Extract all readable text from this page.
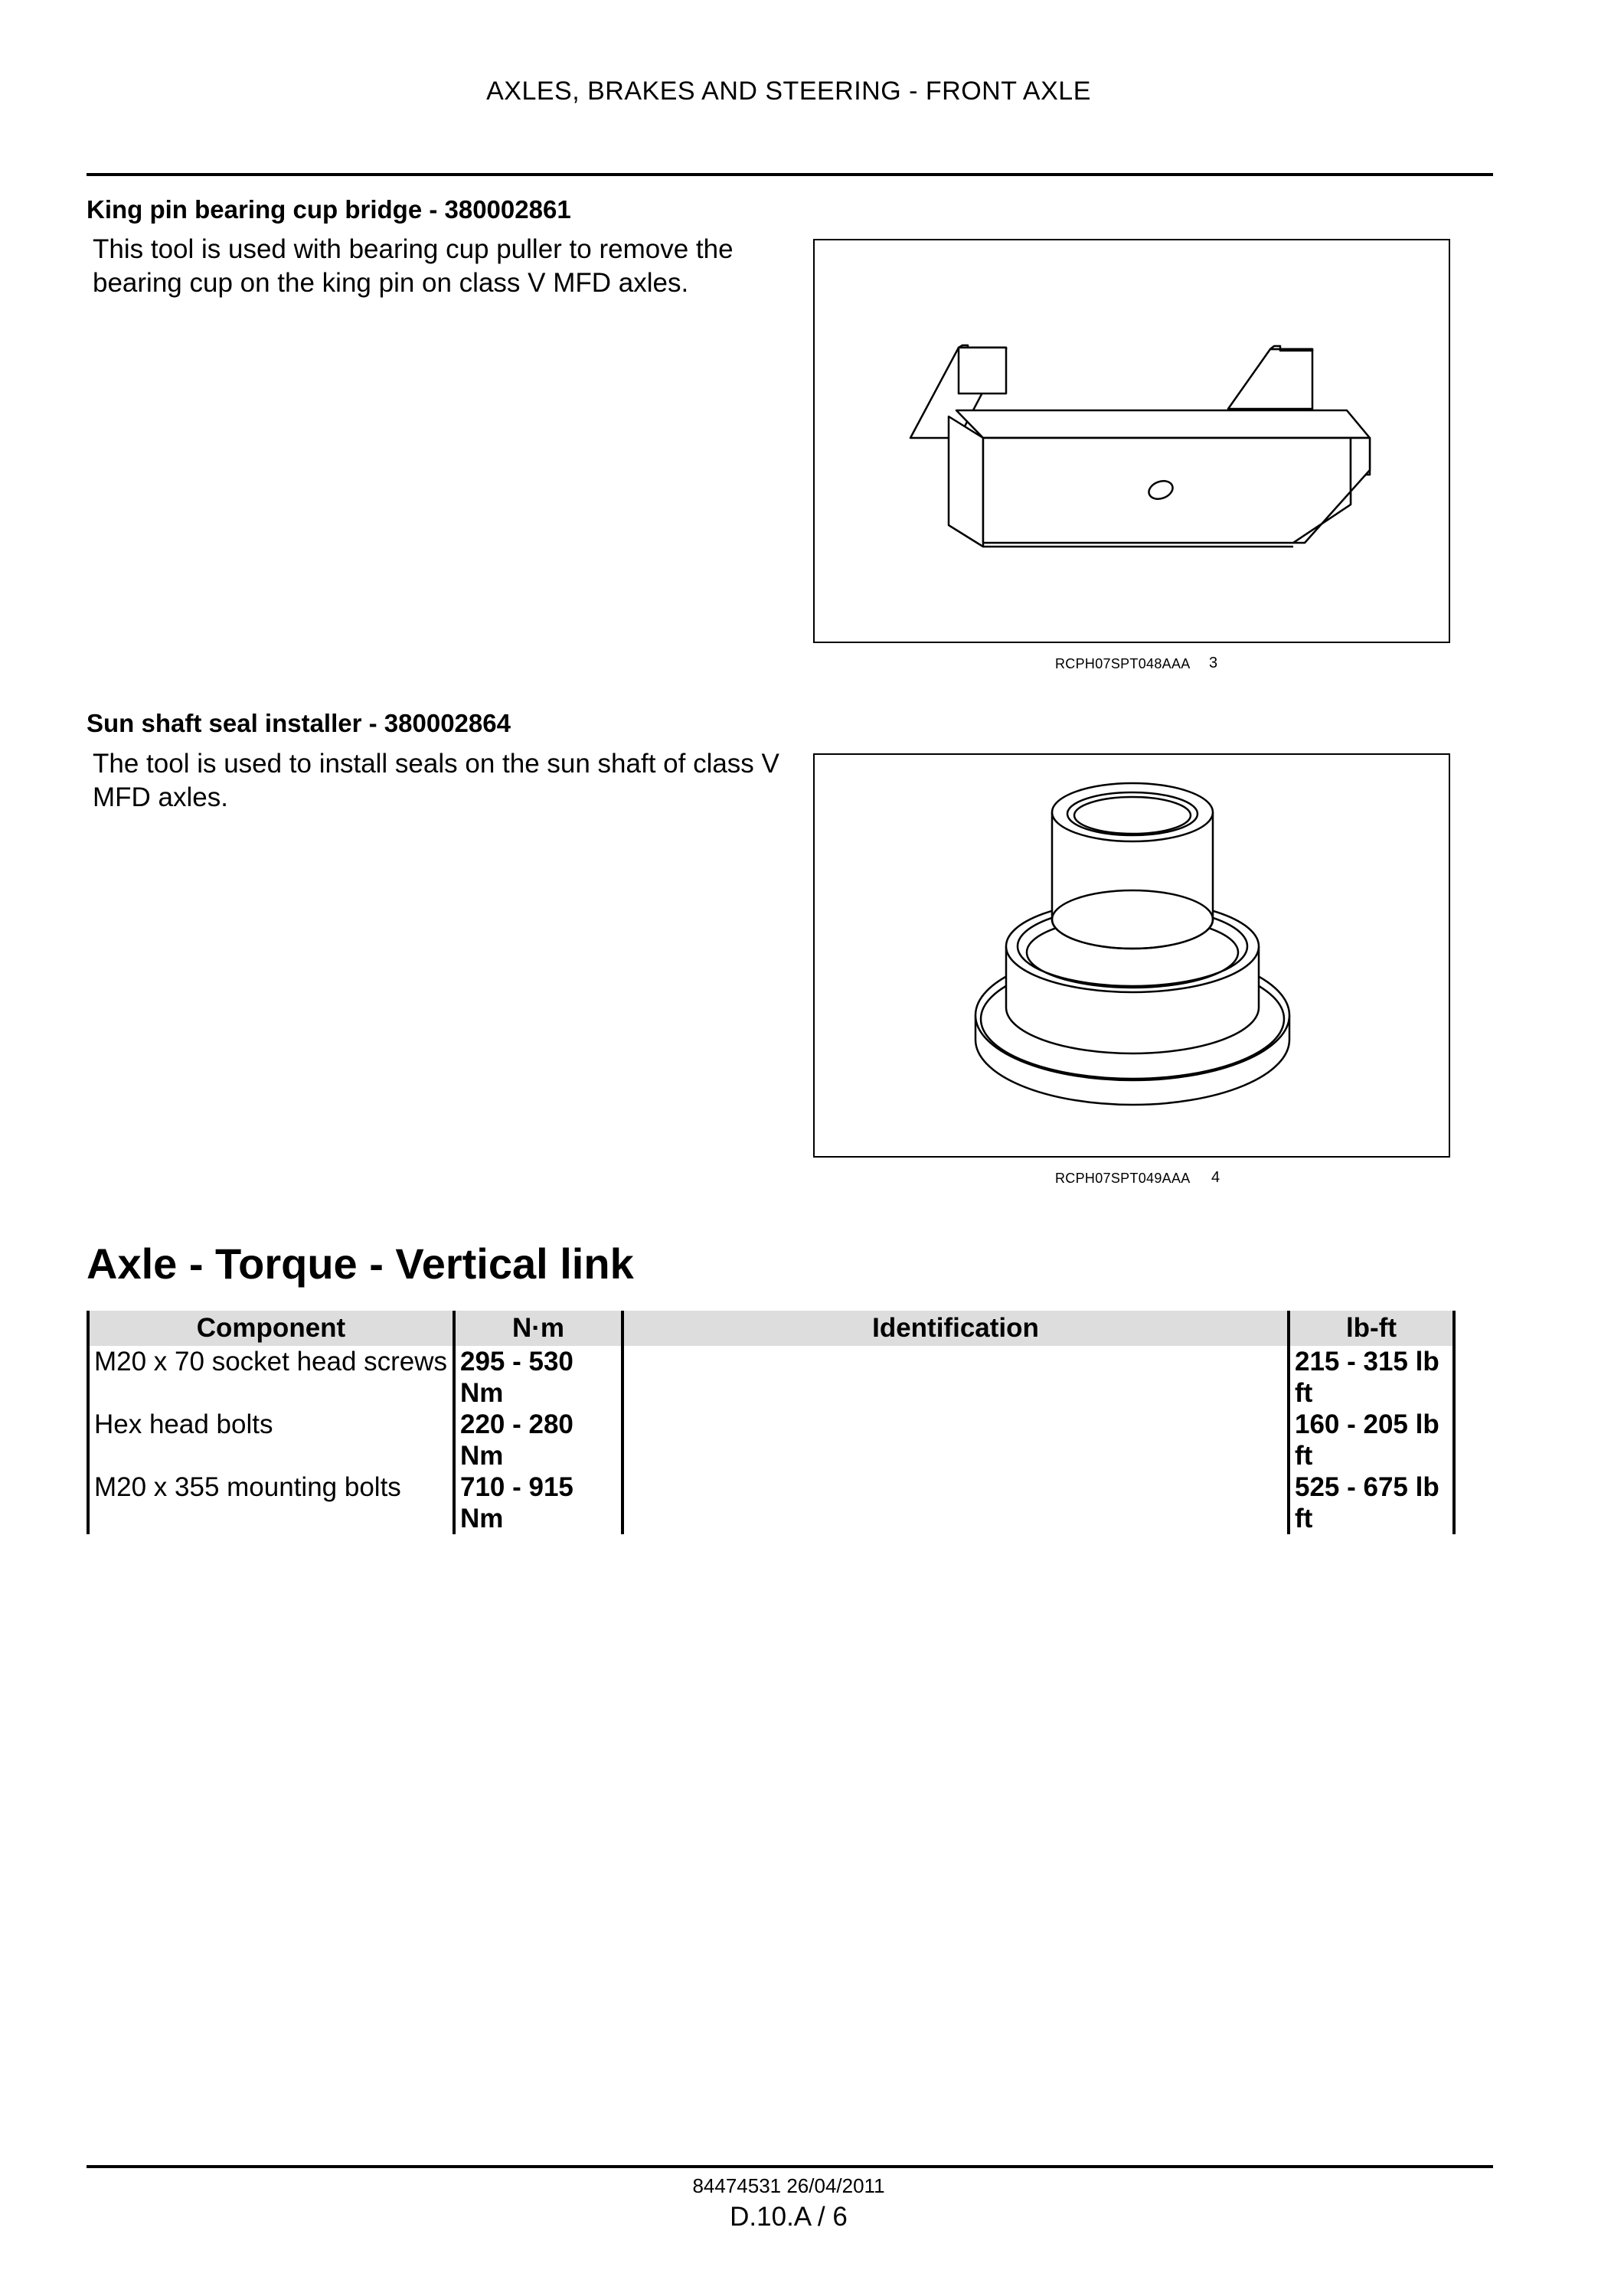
AXLES, BRAKES AND STEERING - FRONT AXLE
King pin bearing cup bridge - 380002861
This tool is used with bearing cup puller to remove the bearing cup on the king pin on class V MFD axles.
RCPH07SPT048AAA 3
Sun shaft seal installer - 380002864
The tool is used to install seals on the sun shaft of class V MFD axles.
RCPH07SPT049AAA 4
Axle - Torque - Vertical link
Component	N·m	Identification	lb-ft
M20 x 70 socket head screws	295 - 530 Nm		215 - 315 lb ft
Hex head bolts	220 - 280 Nm		160 - 205 lb ft
M20 x 355 mounting bolts	710 - 915 Nm		525 - 675 lb ft
84474531 26/04/2011
D.10.A / 6
